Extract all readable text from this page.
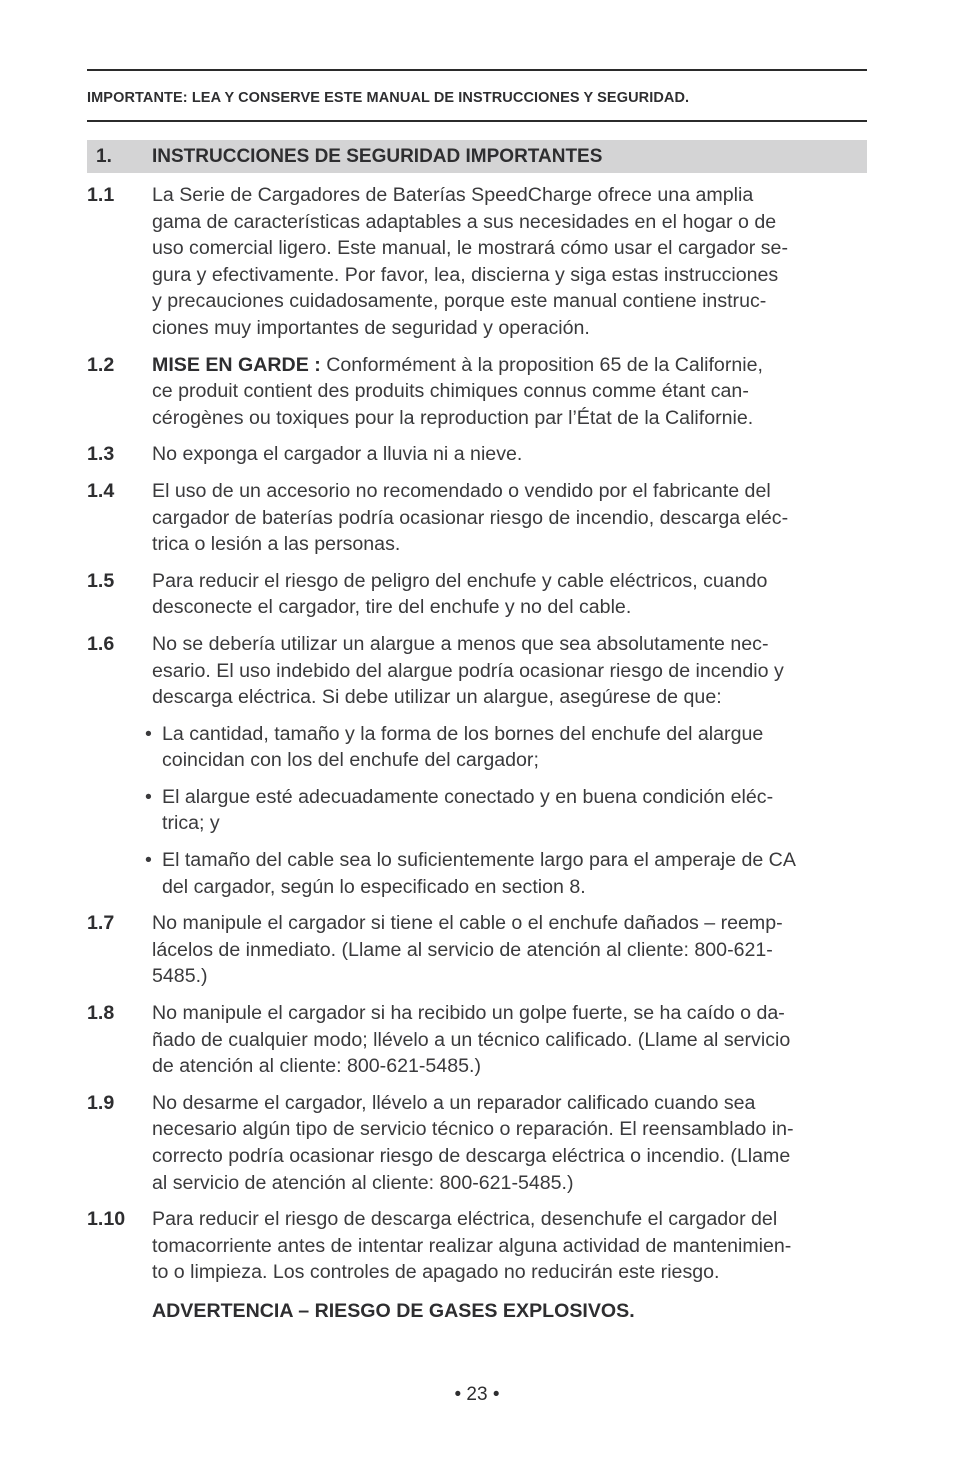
IMPORTANTE: LEA Y CONSERVE ESTE MANUAL DE INSTRUCCIONES Y SEGURIDAD.
1.	INSTRUCCIONES DE SEGURIDAD IMPORTANTES
1.1	La Serie de Cargadores de Baterías SpeedCharge ofrece una amplia
gama de características adaptables a sus necesidades en el hogar o de
uso comercial ligero. Este manual, le mostrará cómo usar el cargador se-
gura y efectivamente. Por favor, lea, discierna y siga estas instrucciones
y precauciones cuidadosamente, porque este manual contiene instruc-
ciones muy importantes de seguridad y operación.
1.2	MISE EN GARDE : Conformément à la proposition 65 de la Californie,
ce produit contient des produits chimiques connus comme étant can-
cérogènes ou toxiques pour la reproduction par l’État de la Californie.
1.3	No exponga el cargador a lluvia ni a nieve.
1.4	El uso de un accesorio no recomendado o vendido por el fabricante del
cargador de baterías podría ocasionar riesgo de incendio, descarga eléc-
trica o lesión a las personas.
1.5	Para reducir el riesgo de peligro del enchufe y cable eléctricos, cuando
desconecte el cargador, tire del enchufe y no del cable.
1.6	No se debería utilizar un alargue a menos que sea absolutamente nec-
esario. El uso indebido del alargue podría ocasionar riesgo de incendio y
descarga eléctrica. Si debe utilizar un alargue, asegúrese de que:
• La cantidad, tamaño y la forma de los bornes del enchufe del alargue
coincidan con los del enchufe del cargador;
• El alargue esté adecuadamente conectado y en buena condición eléc-
trica; y
• El tamaño del cable sea lo suficientemente largo para el amperaje de CA
del cargador, según lo especificado en section 8.
1.7	No manipule el cargador si tiene el cable o el enchufe dañados – reemp-
lácelos de inmediato. (Llame al servicio de atención al cliente: 800-621-
5485.)
1.8	No manipule el cargador si ha recibido un golpe fuerte, se ha caído o da-
ñado de cualquier modo; llévelo a un técnico calificado. (Llame al servicio
de atención al cliente: 800-621-5485.)
1.9	No desarme el cargador, llévelo a un reparador calificado cuando sea
necesario algún tipo de servicio técnico o reparación. El reensamblado in-
correcto podría ocasionar riesgo de descarga eléctrica o incendio. (Llame
al servicio de atención al cliente: 800-621-5485.)
1.10	Para reducir el riesgo de descarga eléctrica, desenchufe el cargador del
tomacorriente antes de intentar realizar alguna actividad de mantenimien-
to o limpieza. Los controles de apagado no reducirán este riesgo.
ADVERTENCIA – RIESGO DE GASES EXPLOSIVOS.
• 23 •
